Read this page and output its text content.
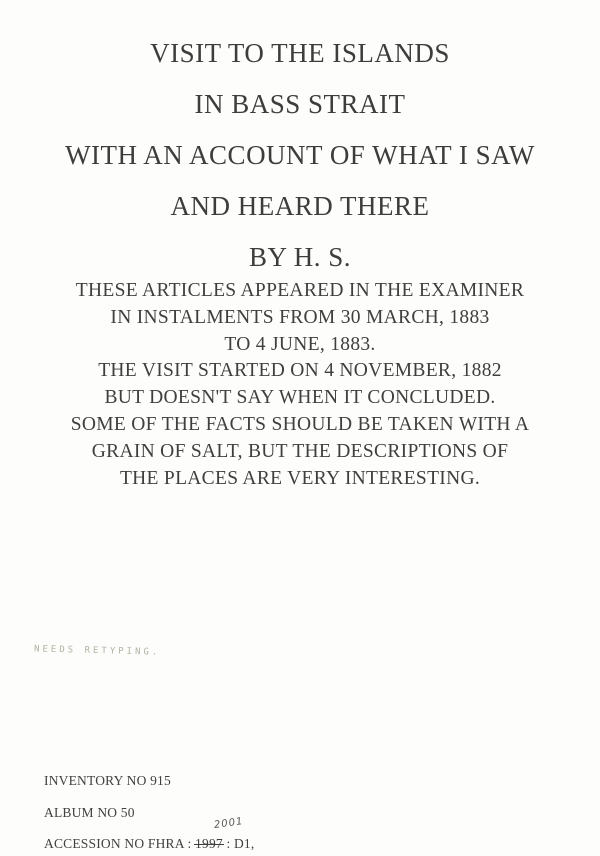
VISIT TO THE ISLANDS
IN BASS STRAIT
WITH AN ACCOUNT OF WHAT I SAW
AND HEARD THERE
BY H. S.
THESE ARTICLES APPEARED IN THE EXAMINER
IN INSTALMENTS FROM 30 MARCH, 1883
TO 4 JUNE, 1883.
THE VISIT STARTED ON 4 NOVEMBER, 1882
BUT DOESN'T SAY WHEN IT CONCLUDED.
SOME OF THE FACTS SHOULD BE TAKEN WITH A
GRAIN OF SALT, BUT THE DESCRIPTIONS OF
THE PLACES ARE VERY INTERESTING.
NEEDS RETYPING.
INVENTORY NO 915
ALBUM NO 50
2001
ACCESSION NO FHRA : 1997 : D1,
